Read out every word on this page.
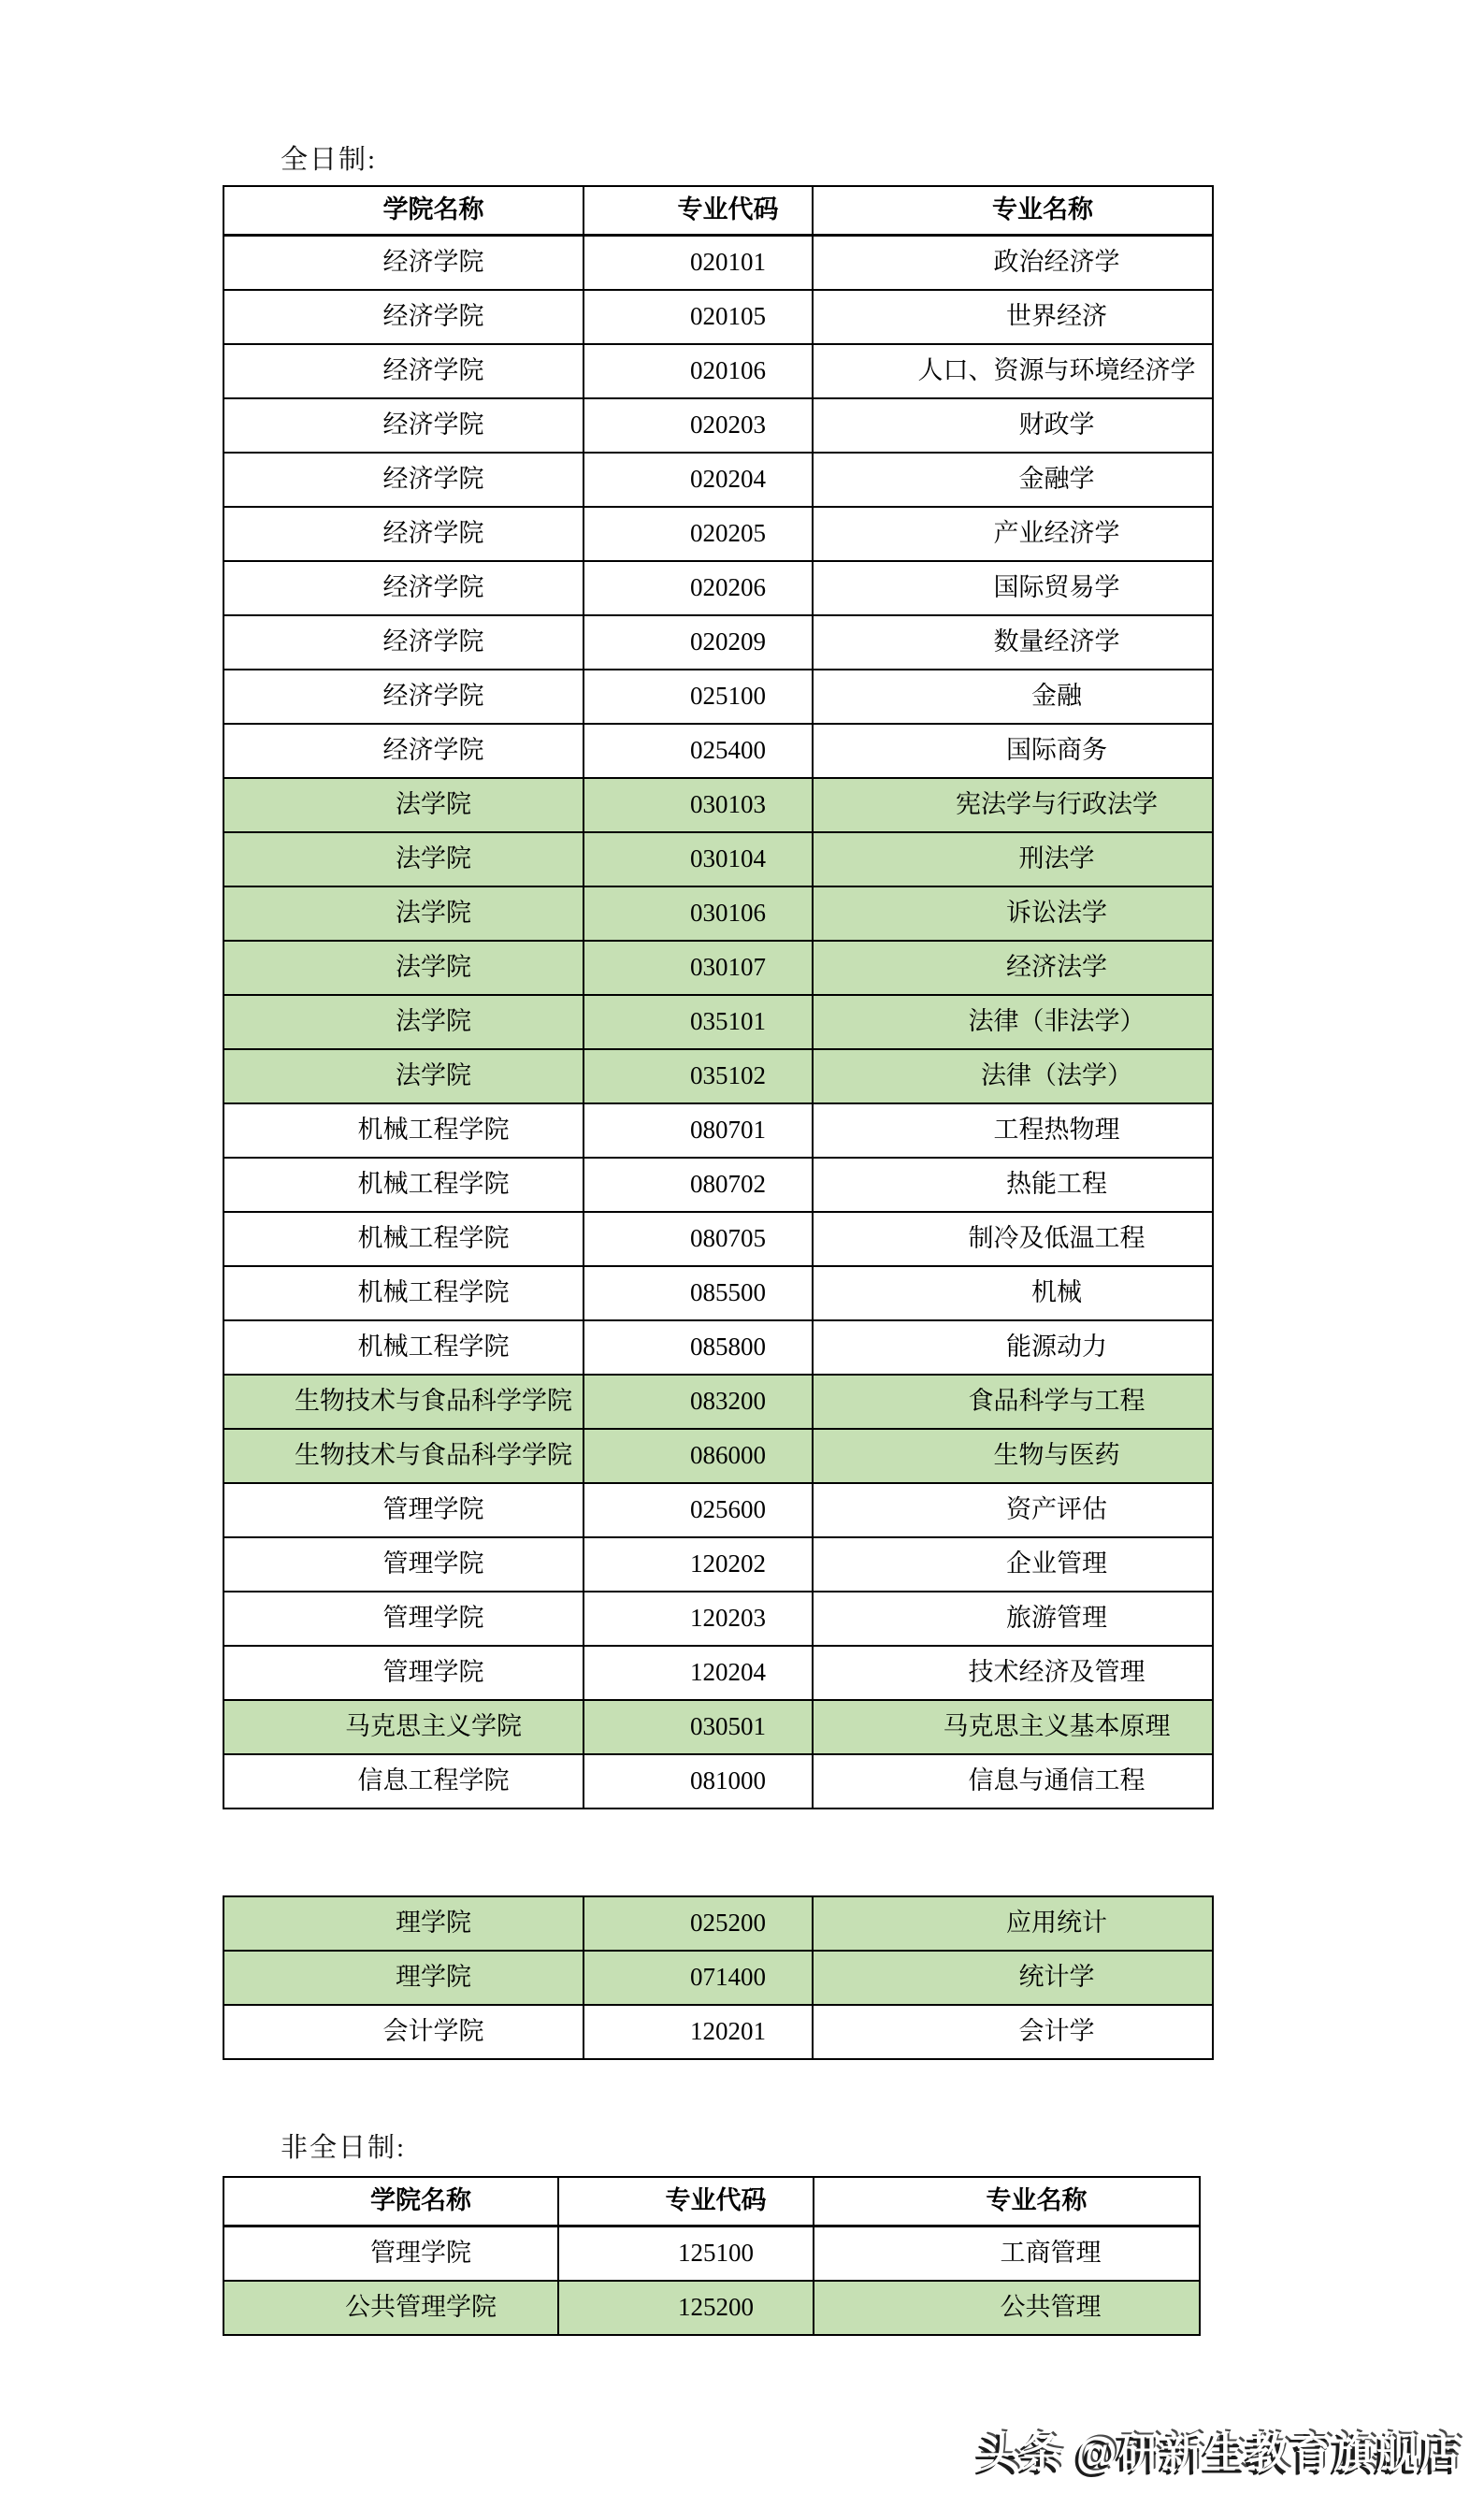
全日制:
学院名称	专业代码	专业名称
经济学院	020101	政治经济学
经济学院	020105	世界经济
经济学院	020106	人口、资源与环境经济学
经济学院	020203	财政学
经济学院	020204	金融学
经济学院	020205	产业经济学
经济学院	020206	国际贸易学
经济学院	020209	数量经济学
经济学院	025100	金融
经济学院	025400	国际商务
法学院	030103	宪法学与行政法学
法学院	030104	刑法学
法学院	030106	诉讼法学
法学院	030107	经济法学
法学院	035101	法律（非法学）
法学院	035102	法律（法学）
机械工程学院	080701	工程热物理
机械工程学院	080702	热能工程
机械工程学院	080705	制冷及低温工程
机械工程学院	085500	机械
机械工程学院	085800	能源动力
生物技术与食品科学学院	083200	食品科学与工程
生物技术与食品科学学院	086000	生物与医药
管理学院	025600	资产评估
管理学院	120202	企业管理
管理学院	120203	旅游管理
管理学院	120204	技术经济及管理
马克思主义学院	030501	马克思主义基本原理
信息工程学院	081000	信息与通信工程
理学院	025200	应用统计
理学院	071400	统计学
会计学院	120201	会计学
非全日制:
学院名称	专业代码	专业名称
管理学院	125100	工商管理
公共管理学院	125200	公共管理
头条 @研新生教育旗舰店
